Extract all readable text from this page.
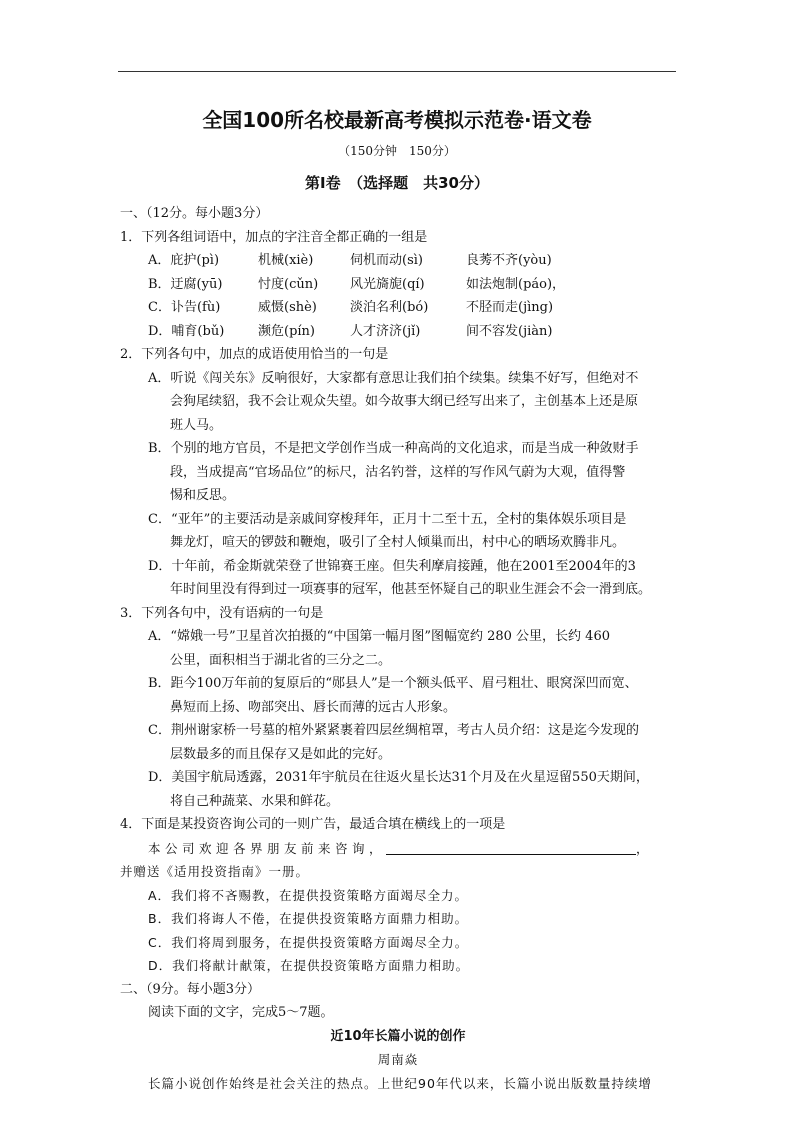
全国100所名校最新高考模拟示范卷·语文卷
（150分钟　150分）
第Ⅰ卷　（选择题　共30分）
一、（12分。每小题3分）
1．下列各组词语中，加点的字注音全都正确的一组是
A．庇护(pì)	机械(xiè)	伺机而动(sì)	良莠不齐(yòu)
B．迂腐(yū)	忖度(cǔn)	风光旖旎(qí)	如法炮制(páo)，
C．讣告(fù)	威慑(shè)	淡泊名利(bó)	不胫而走(jìng)
D．哺育(bǔ)	濒危(pín)	人才济济(jǐ)	间不容发(jiàn)
2．下列各句中，加点的成语使用恰当的一句是
A．听说《闯关东》反响很好，大家都有意思让我们拍个续集。续集不好写，但绝对不
会狗尾续貂，我不会让观众失望。如今故事大纲已经写出来了，主创基本上还是原
班人马。
B．个别的地方官员，不是把文学创作当成一种高尚的文化追求，而是当成一种敛财手
段，当成提高“官场品位”的标尺，沽名钓誉，这样的写作风气蔚为大观，值得警
惕和反思。
C．“亚年”的主要活动是亲戚间穿梭拜年，正月十二至十五，全村的集体娱乐项目是
舞龙灯，喧天的锣鼓和鞭炮，吸引了全村人倾巢而出，村中心的晒场欢腾非凡。
D．十年前，希金斯就荣登了世锦赛王座。但失利摩肩接踵，他在2001至2004年的3
年时间里没有得到过一项赛事的冠军，他甚至怀疑自己的职业生涯会不会一滑到底。
3．下列各句中，没有语病的一句是
A．“嫦娥一号”卫星首次拍摄的“中国第一幅月图”图幅宽约 280 公里，长约 460
公里，面积相当于湖北省的三分之二。
B．距今100万年前的复原后的“郧县人”是一个额头低平、眉弓粗壮、眼窝深凹而宽、
鼻短而上扬、吻部突出、唇长而薄的远古人形象。
C．荆州谢家桥一号墓的棺外紧紧裹着四层丝绸棺罩，考古人员介绍：这是迄今发现的
层数最多的而且保存又是如此的完好。
D．美国宇航局透露，2031年宇航员在往返火星长达31个月及在火星逗留550天期间，
将自己种蔬菜、水果和鲜花。
4．下面是某投资咨询公司的一则广告，最适合填在横线上的一项是
本公司欢迎各界朋友前来咨询，	，
并赠送《适用投资指南》一册。
A．我们将不吝赐教，在提供投资策略方面竭尽全力。
B．我们将诲人不倦，在提供投资策略方面鼎力相助。
C．我们将周到服务，在提供投资策略方面竭尽全力。
D．我们将献计献策，在提供投资策略方面鼎力相助。
二、（9分。每小题3分）
阅读下面的文字，完成5～7题。
近10年长篇小说的创作
周南焱
长篇小说创作始终是社会关注的热点。上世纪90年代以来，长篇小说出版数量持续增
